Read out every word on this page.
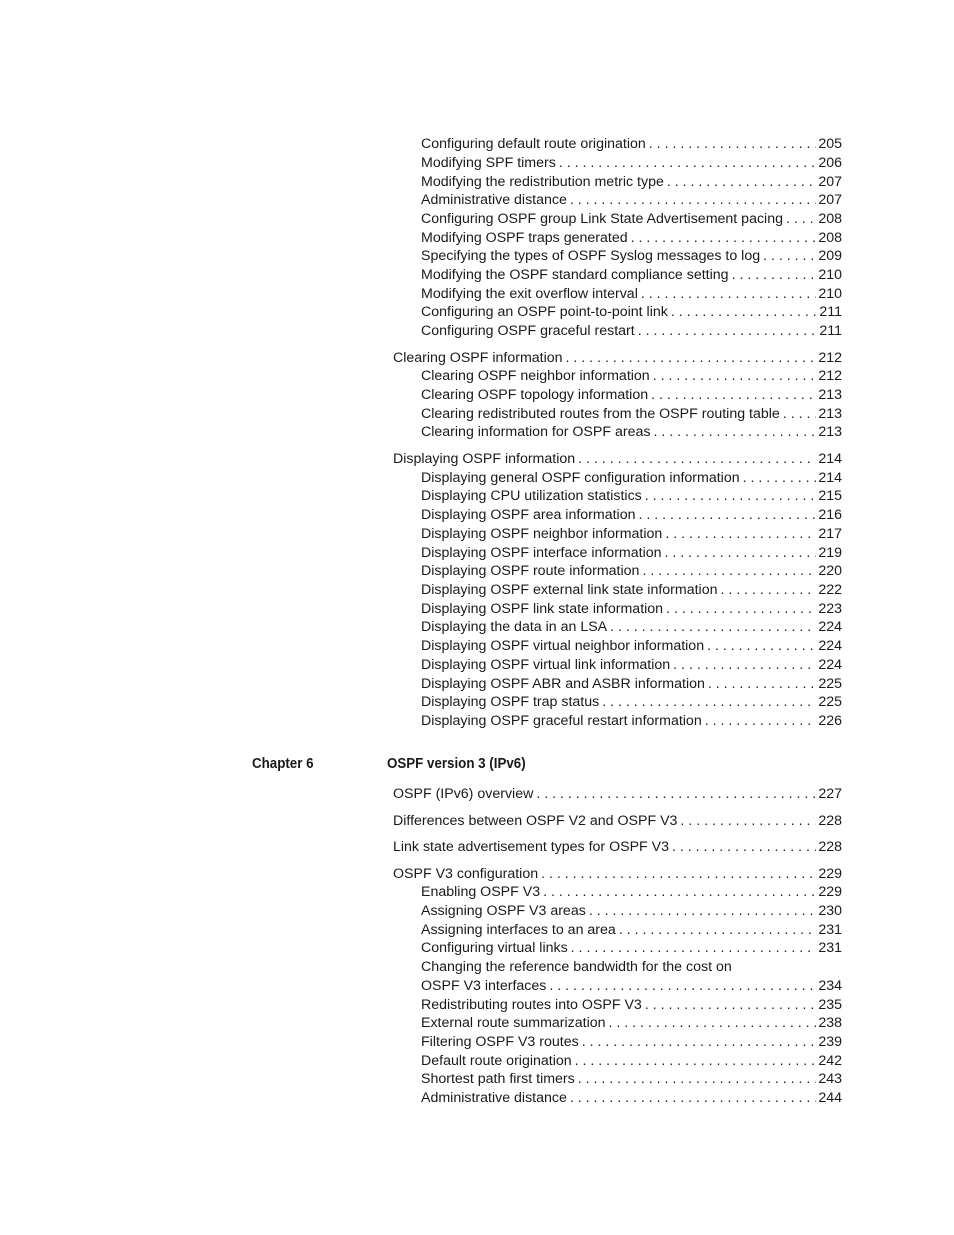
Configuring default route origination . . .	205
Modifying SPF timers . . .	206
Modifying the redistribution metric type . . .	207
Administrative distance . . .	207
Configuring OSPF group Link State Advertisement pacing . . . 208
Modifying OSPF traps generated . . .	208
Specifying the types of OSPF Syslog messages to log . . .	209
Modifying the OSPF standard compliance setting . . .	210
Modifying the exit overflow interval . . .	210
Configuring an OSPF point-to-point link . . .	211
Configuring OSPF graceful restart . . .	211
Clearing OSPF information . . .	212
Clearing OSPF neighbor information . . .	212
Clearing OSPF topology information . . .	213
Clearing redistributed routes from the OSPF routing table . . .	213
Clearing information for OSPF areas . . .	213
Displaying OSPF information . . .	214
Displaying general OSPF configuration information . . .	214
Displaying CPU utilization statistics . . .	215
Displaying OSPF area information . . .	216
Displaying OSPF neighbor information . . .	217
Displaying OSPF interface information . . .	219
Displaying OSPF route information . . .	220
Displaying OSPF external link state information . . .	222
Displaying OSPF link state information . . .	223
Displaying the data in an LSA . . .	224
Displaying OSPF virtual neighbor information . . .	224
Displaying OSPF virtual link information . . .	224
Displaying OSPF ABR and ASBR information . . .	225
Displaying OSPF trap status . . .	225
Displaying OSPF graceful restart information . . .	226
Chapter 6	OSPF version 3 (IPv6)
OSPF (IPv6) overview . . .	227
Differences between OSPF V2 and OSPF V3 . . .	228
Link state advertisement types for OSPF V3 . . .	228
OSPF V3 configuration . . .	229
Enabling OSPF V3 . . .	229
Assigning OSPF V3 areas . . .	230
Assigning interfaces to an area . . .	231
Configuring virtual links . . .	231
Changing the reference bandwidth for the cost on
OSPF V3 interfaces . . .	234
Redistributing routes into OSPF V3 . . .	235
External route summarization . . .	238
Filtering OSPF V3 routes . . .	239
Default route origination . . .	242
Shortest path first timers . . .	243
Administrative distance . . .	244
